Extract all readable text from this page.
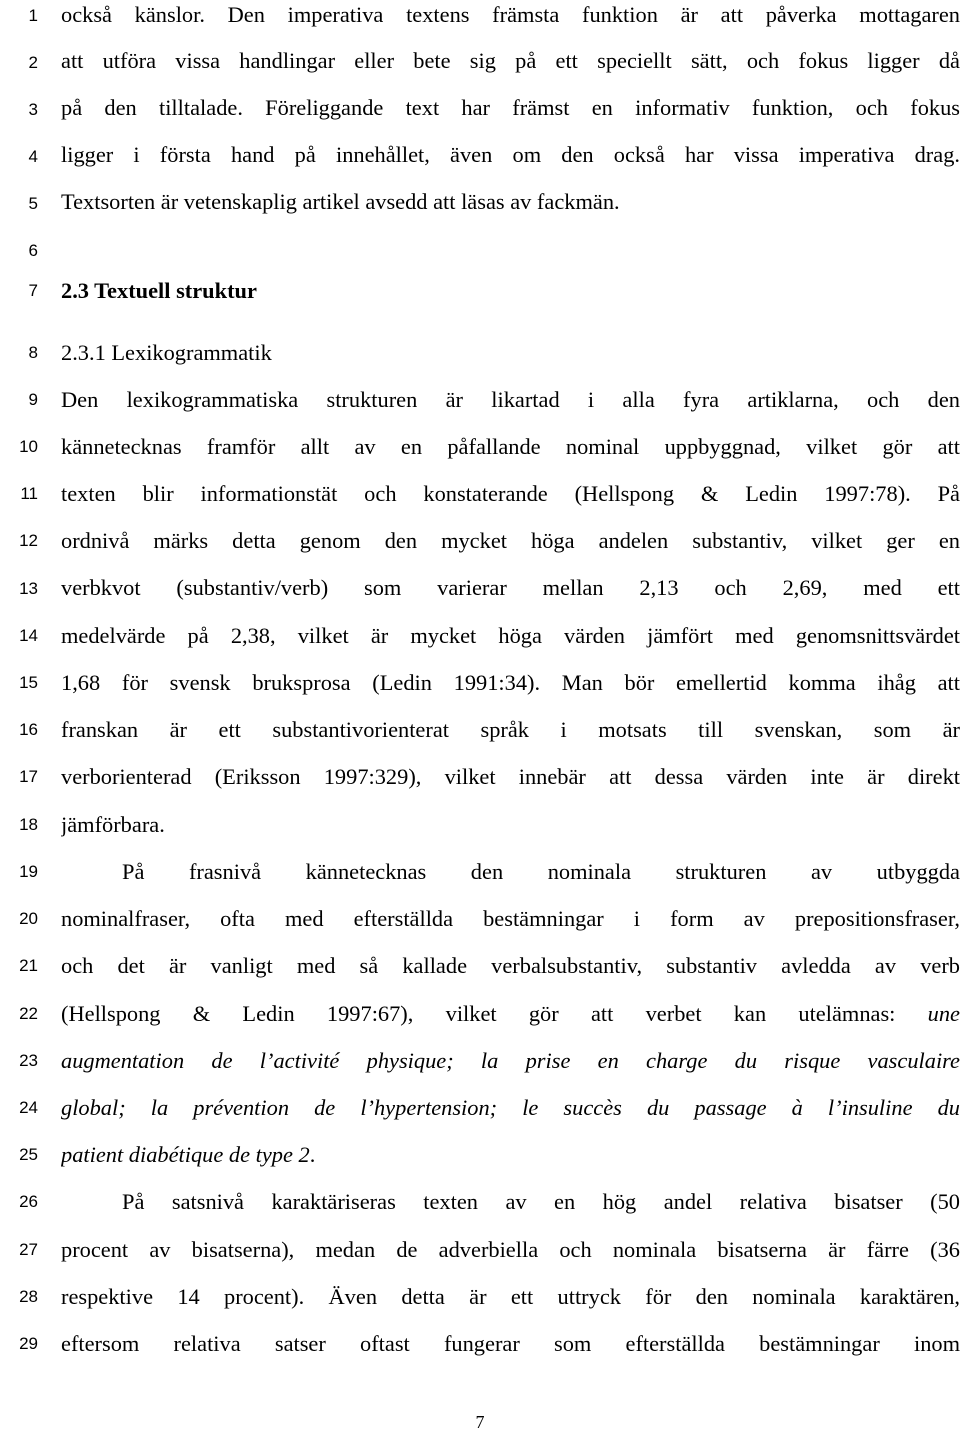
1
2
3
4
5
6
7
8
9
10
11
12
13
14
15
16
17
18
19
20
21
22
23
24
25
26
27
28
29
också känslor. Den imperativa textens främsta funktion är att påverka mottagaren
att utföra vissa handlingar eller bete sig på ett speciellt sätt, och fokus ligger då
på den tilltalade. Föreliggande text har främst en informativ funktion, och fokus
ligger i första hand på innehållet, även om den också har vissa imperativa drag.
Textsorten är vetenskaplig artikel avsedd att läsas av fackmän.
2.3 Textuell struktur
2.3.1 Lexikogrammatik
Den lexikogrammatiska strukturen är likartad i alla fyra artiklarna, och den
kännetecknas framför allt av en påfallande nominal uppbyggnad, vilket gör att
texten blir informationstät och konstaterande (Hellspong & Ledin 1997:78). På
ordnivå märks detta genom den mycket höga andelen substantiv, vilket ger en
verbkvot (substantiv/verb) som varierar mellan 2,13 och 2,69, med ett
medelvärde på 2,38, vilket är mycket höga värden jämfört med genomsnittsvärdet
1,68 för svensk bruksprosa (Ledin 1991:34). Man bör emellertid komma ihåg att
franskan är ett substantivorienterat språk i motsats till svenskan, som är
verborienterad (Eriksson 1997:329), vilket innebär att dessa värden inte är direkt
jämförbara.
På frasnivå kännetecknas den nominala strukturen av utbyggda
nominalfraser, ofta med efterställda bestämningar i form av prepositionsfraser,
och det är vanligt med så kallade verbalsubstantiv, substantiv avledda av verb
(Hellspong & Ledin 1997:67), vilket gör att verbet kan utelämnas: une
augmentation de l’activité physique; la prise en charge du risque vasculaire
global; la prévention de l’hypertension; le succès du passage à l’insuline du
patient diabétique de type 2.
På satsnivå karaktäriseras texten av en hög andel relativa bisatser (50
procent av bisatserna), medan de adverbiella och nominala bisatserna är färre (36
respektive 14 procent). Även detta är ett uttryck för den nominala karaktären,
eftersom relativa satser oftast fungerar som efterställda bestämningar inom
7
